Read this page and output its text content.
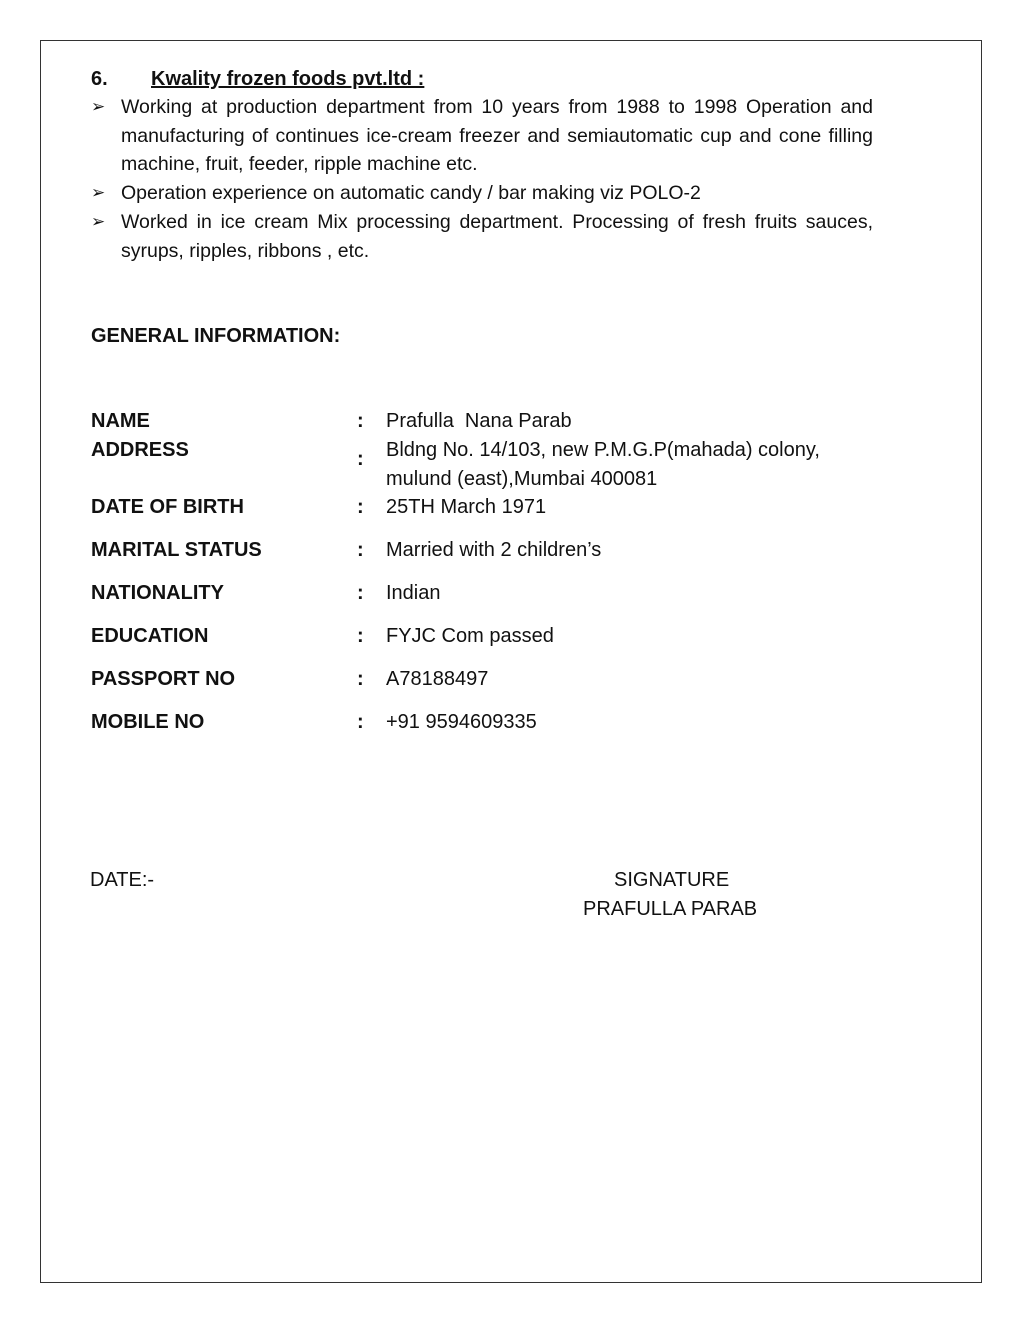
6. Kwality frozen foods pvt.ltd :
➢ Working at production department from 10 years from 1988 to 1998 Operation and manufacturing of continues ice-cream freezer and semiautomatic cup and cone filling machine, fruit, feeder, ripple machine etc.
➢ Operation experience on automatic candy / bar making viz POLO-2
➢ Worked in ice cream Mix processing department. Processing of fresh fruits sauces, syrups, ripples, ribbons , etc.
GENERAL INFORMATION:
NAME	: Prafulla  Nana Parab
ADDRESS	: Bldng No. 14/103, new P.M.G.P(mahada) colony,
mulund (east),Mumbai 400081
DATE OF BIRTH	: 25TH March 1971
MARITAL STATUS	: Married with 2 children’s
NATIONALITY	: Indian
EDUCATION	: FYJC Com passed
PASSPORT NO	: A78188497
MOBILE NO	: +91 9594609335
DATE:-	SIGNATURE
PRAFULLA PARAB
